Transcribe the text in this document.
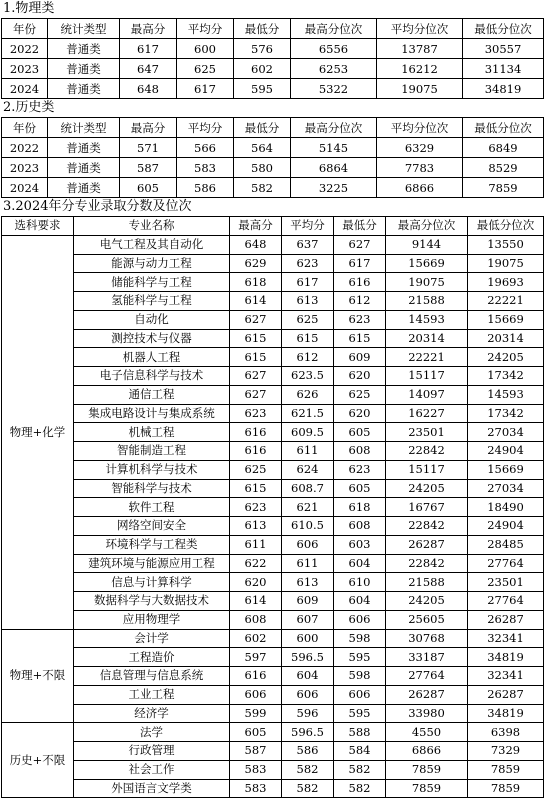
1.物理类
年份	统计类型	最高分	平均分	最低分	最高分位次	平均分位次	最低分位次
2022	普通类	617	600	576	6556	13787	30557
2023	普通类	647	625	602	6253	16212	31134
2024	普通类	648	617	595	5322	19075	34819
2.历史类
年份	统计类型	最高分	平均分	最低分	最高分位次	平均分位次	最低分位次
2022	普通类	571	566	564	5145	6329	6849
2023	普通类	587	583	580	6864	7783	8529
2024	普通类	605	586	582	3225	6866	7859
3.2024年分专业录取分数及位次
选科要求	专业名称	最高分	平均分	最低分	最高分位次	最低分位次
物理+化学	电气工程及其自动化	648	637	627	9144	13550
	能源与动力工程	629	623	617	15669	19075
	储能科学与工程	618	617	616	19075	19693
	氢能科学与工程	614	613	612	21588	22221
	自动化	627	625	623	14593	15669
	测控技术与仪器	615	615	615	20314	20314
	机器人工程	615	612	609	22221	24205
	电子信息科学与技术	627	623.5	620	15117	17342
	通信工程	627	626	625	14097	14593
	集成电路设计与集成系统	623	621.5	620	16227	17342
	机械工程	616	609.5	605	23501	27034
	智能制造工程	616	611	608	22842	24904
	计算机科学与技术	625	624	623	15117	15669
	智能科学与技术	615	608.7	605	24205	27034
	软件工程	623	621	618	16767	18490
	网络空间安全	613	610.5	608	22842	24904
	环境科学与工程类	611	606	603	26287	28485
	建筑环境与能源应用工程	622	611	604	22842	27764
	信息与计算科学	620	613	610	21588	23501
	数据科学与大数据技术	614	609	604	24205	27764
	应用物理学	608	607	606	25605	26287
物理+不限	会计学	602	600	598	30768	32341
	工程造价	597	596.5	595	33187	34819
	信息管理与信息系统	616	604	598	27764	32341
	工业工程	606	606	606	26287	26287
	经济学	599	596	595	33980	34819
历史+不限	法学	605	596.5	588	4550	6398
	行政管理	587	586	584	6866	7329
	社会工作	583	582	582	7859	7859
	外国语言文学类	583	582	582	7859	7859
